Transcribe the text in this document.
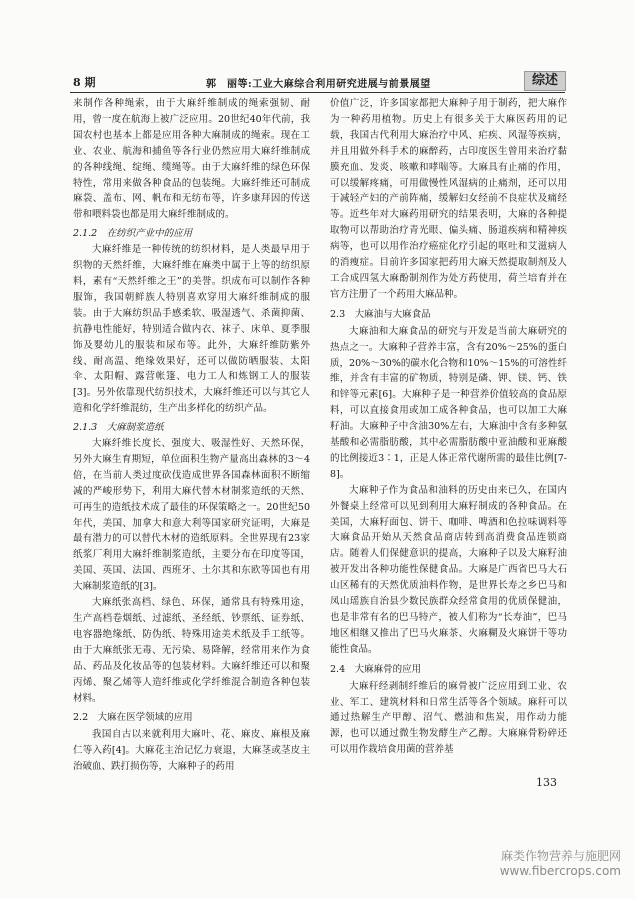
8 期	郭　丽等:工业大麻综合利用研究进展与前景展望	综述

来制作各种绳索，由于大麻纤维制成的绳索强韧、耐用，曾一度在航海上被广泛应用。20世纪40年代前，我国农村也基本上都是应用各种大麻制成的绳索。现在工业、农业、航海和捕鱼等各行业仍然应用大麻纤维制成的各种线绳、绽绳、缆绳等。由于大麻纤维的绿色环保特性，常用来做各种食品的包装绳。大麻纤维还可制成麻袋、盖布、网、帆布和无纺布等，许多康拜因的传送带和喂料袋也都是用大麻纤维制成的。

2.1.2　在纺织产业中的应用

大麻纤维是一种传统的纺织材料，是人类最早用于织物的天然纤维，大麻纤维在麻类中属于上等的纺织原料，素有“天然纤维之王”的美誉。织成布可以制作各种服饰，我国朝鲜族人特别喜欢穿用大麻纤维制成的服装。由于大麻纺织品手感柔软、吸湿透气、杀菌抑菌、抗静电性能好，特别适合做内衣、袜子、床单、夏季服饰及婴幼儿的服装和尿布等。此外，大麻纤维防紫外线、耐高温、绝缘效果好，还可以做防晒服装、太阳伞、太阳帽、露营帐篷、电力工人和炼钢工人的服装[3]。另外依靠现代纺织技术，大麻纤维还可以与其它人造和化学纤维混纺，生产出多样化的纺织产品。

2.1.3　大麻制浆造纸

大麻纤维长度长、强度大、吸湿性好、天然环保，另外大麻生育期短，单位面积生物产量高出森林的3～4倍，在当前人类过度砍伐造成世界各国森林面积不断缩减的严峻形势下，利用大麻代替木材制浆造纸的天然、可再生的造纸技术成了最佳的环保策略之一。20世纪50年代，美国、加拿大和意大利等国家研究证明，大麻是最有潜力的可以替代木材的造纸原料。全世界现有23家纸浆厂利用大麻纤维制浆造纸，主要分布在印度等国，美国、英国、法国、西班牙、土尔其和东欧等国也有用大麻制浆造纸的[3]。

大麻纸张高档、绿色、环保，通常具有特殊用途，生产高档卷烟纸、过滤纸、圣经纸、钞票纸、证券纸、电容器绝缘纸、防伪纸、特殊用途美术纸及手工纸等。由于大麻纸张无毒、无污染、易降解，经常用来作为食品、药品及化妆品等的包装材料。大麻纤维还可以和聚丙烯、聚乙烯等人造纤维或化学纤维混合制造各种包装材料。

2.2　大麻在医学领域的应用

我国自古以来就利用大麻叶、花、麻皮、麻根及麻仁等入药[4]。大麻花主治记忆力衰退，大麻茎或茎皮主治破血、跌打损伤等，大麻种子的药用

价值广泛，许多国家都把大麻种子用于制药，把大麻作为一种药用植物。历史上有很多关于大麻医药用的记载，我国古代利用大麻治疗中风、疟疾、风湿等疾病，并且用做外科手术的麻醉药，古印度医生曾用来治疗黏膜充血、发炎、咳嗽和哮喘等。大麻具有止痛的作用，可以缓解疼痛，可用做慢性风湿病的止痛剂，还可以用于减轻产妇的产前阵痛，缓解妇女经前不良症状及痛经等。近些年对大麻药用研究的结果表明，大麻的各种提取物可以帮助治疗青光眼、偏头痛、肠道疾病和精神疾病等，也可以用作治疗癌症化疗引起的呕吐和艾滋病人的消瘦症。目前许多国家把药用大麻天然提取制剂及人工合成四氢大麻酚制剂作为处方药使用，荷兰培育并在官方注册了一个药用大麻品种。

2.3　大麻油与大麻食品

大麻油和大麻食品的研究与开发是当前大麻研究的热点之一。大麻种子营养丰富，含有20%～25%的蛋白质，20%～30%的碳水化合物和10%～15%的可溶性纤维，并含有丰富的矿物质，特别是磷、钾、镁、钙、铁和锌等元素[6]。大麻种子是一种营养价值较高的食品原料，可以直接食用或加工成各种食品，也可以加工大麻籽油。大麻种子中含油30%左右，大麻油中含有多种氨基酸和必需脂肪酸，其中必需脂肪酸中亚油酸和亚麻酸的比例接近3∶1，正是人体正常代谢所需的最佳比例[7-8]。

大麻种子作为食品和油料的历史由来已久，在国内外餐桌上经常可以见到利用大麻籽制成的各种食品。在美国，大麻籽面包、饼干、咖啡、啤酒和色拉味调料等大麻食品开始从天然食品商店转到高消费食品连锁商店。随着人们保健意识的提高，大麻种子以及大麻籽油被开发出各种功能性保健食品。大麻是广西省巴马大石山区稀有的天然优质油料作物，是世界长寿之乡巴马和凤山瑶族自治县少数民族群众经常食用的优质保健油，也是非常有名的巴马特产，被人们称为“长寿油”，巴马地区相继又推出了巴马火麻茶、火麻糊及火麻饼干等功能性食品。

2.4　大麻麻骨的应用

大麻秆经剥制纤维后的麻骨被广泛应用到工业、农业、军工、建筑材料和日常生活等各个领域。麻秆可以通过热解生产甲醇、沼气、燃油和焦炭，用作动力能源，也可以通过微生物发酵生产乙醇。大麻麻骨粉碎还可以用作栽培食用菌的营养基

133
麻类作物营养与施肥网
www.fibercrops.com
